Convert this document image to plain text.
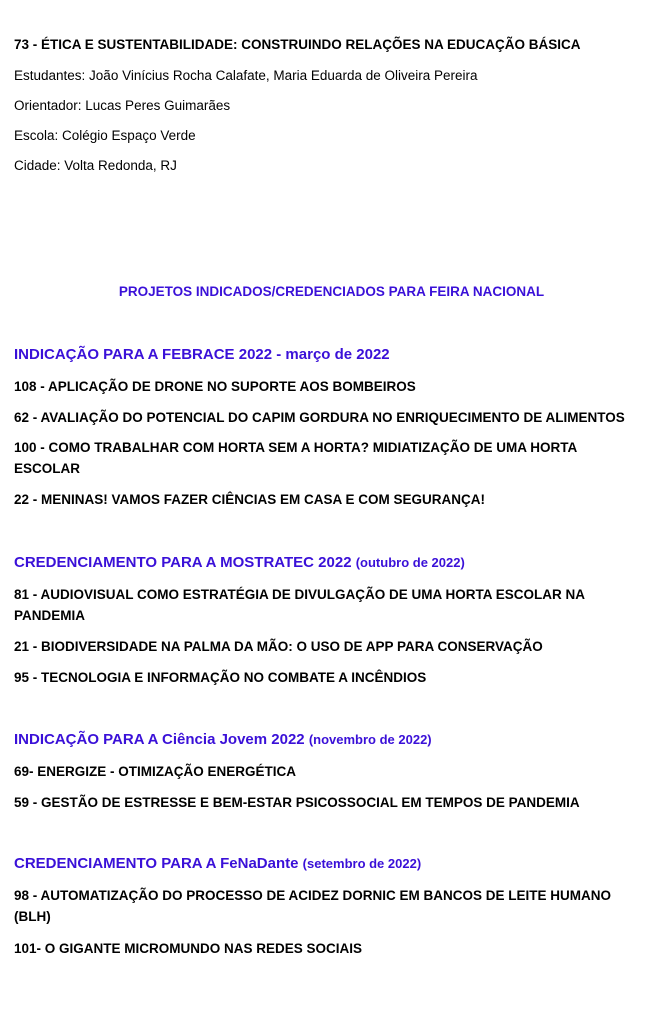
73 - ÉTICA E SUSTENTABILIDADE: CONSTRUINDO RELAÇÕES NA EDUCAÇÃO BÁSICA

Estudantes: João Vinícius Rocha Calafate, Maria Eduarda de Oliveira Pereira

Orientador: Lucas Peres Guimarães

Escola: Colégio Espaço Verde

Cidade: Volta Redonda, RJ

PROJETOS INDICADOS/CREDENCIADOS PARA FEIRA NACIONAL

INDICAÇÃO PARA A FEBRACE 2022 - março de 2022

108 - APLICAÇÃO DE DRONE NO SUPORTE AOS BOMBEIROS

62 - AVALIAÇÃO DO POTENCIAL DO CAPIM GORDURA NO ENRIQUECIMENTO DE ALIMENTOS

100 - COMO TRABALHAR COM HORTA SEM A HORTA? MIDIATIZAÇÃO DE UMA HORTA ESCOLAR

22 - MENINAS! VAMOS FAZER CIÊNCIAS EM CASA E COM SEGURANÇA!

CREDENCIAMENTO PARA A MOSTRATEC 2022 (outubro de 2022)

81 - AUDIOVISUAL COMO ESTRATÉGIA DE DIVULGAÇÃO DE UMA HORTA ESCOLAR NA PANDEMIA

21 - BIODIVERSIDADE NA PALMA DA MÃO: O USO DE APP PARA CONSERVAÇÃO

95 - TECNOLOGIA E INFORMAÇÃO NO COMBATE A INCÊNDIOS

INDICAÇÃO PARA A Ciência Jovem 2022 (novembro de 2022)

69- ENERGIZE - OTIMIZAÇÃO ENERGÉTICA

59 - GESTÃO DE ESTRESSE E BEM-ESTAR PSICOSSOCIAL EM TEMPOS DE PANDEMIA

CREDENCIAMENTO PARA A FeNaDante (setembro de 2022)

98 - AUTOMATIZAÇÃO DO PROCESSO DE ACIDEZ DORNIC EM BANCOS DE LEITE HUMANO (BLH)

101- O GIGANTE MICROMUNDO NAS REDES SOCIAIS
